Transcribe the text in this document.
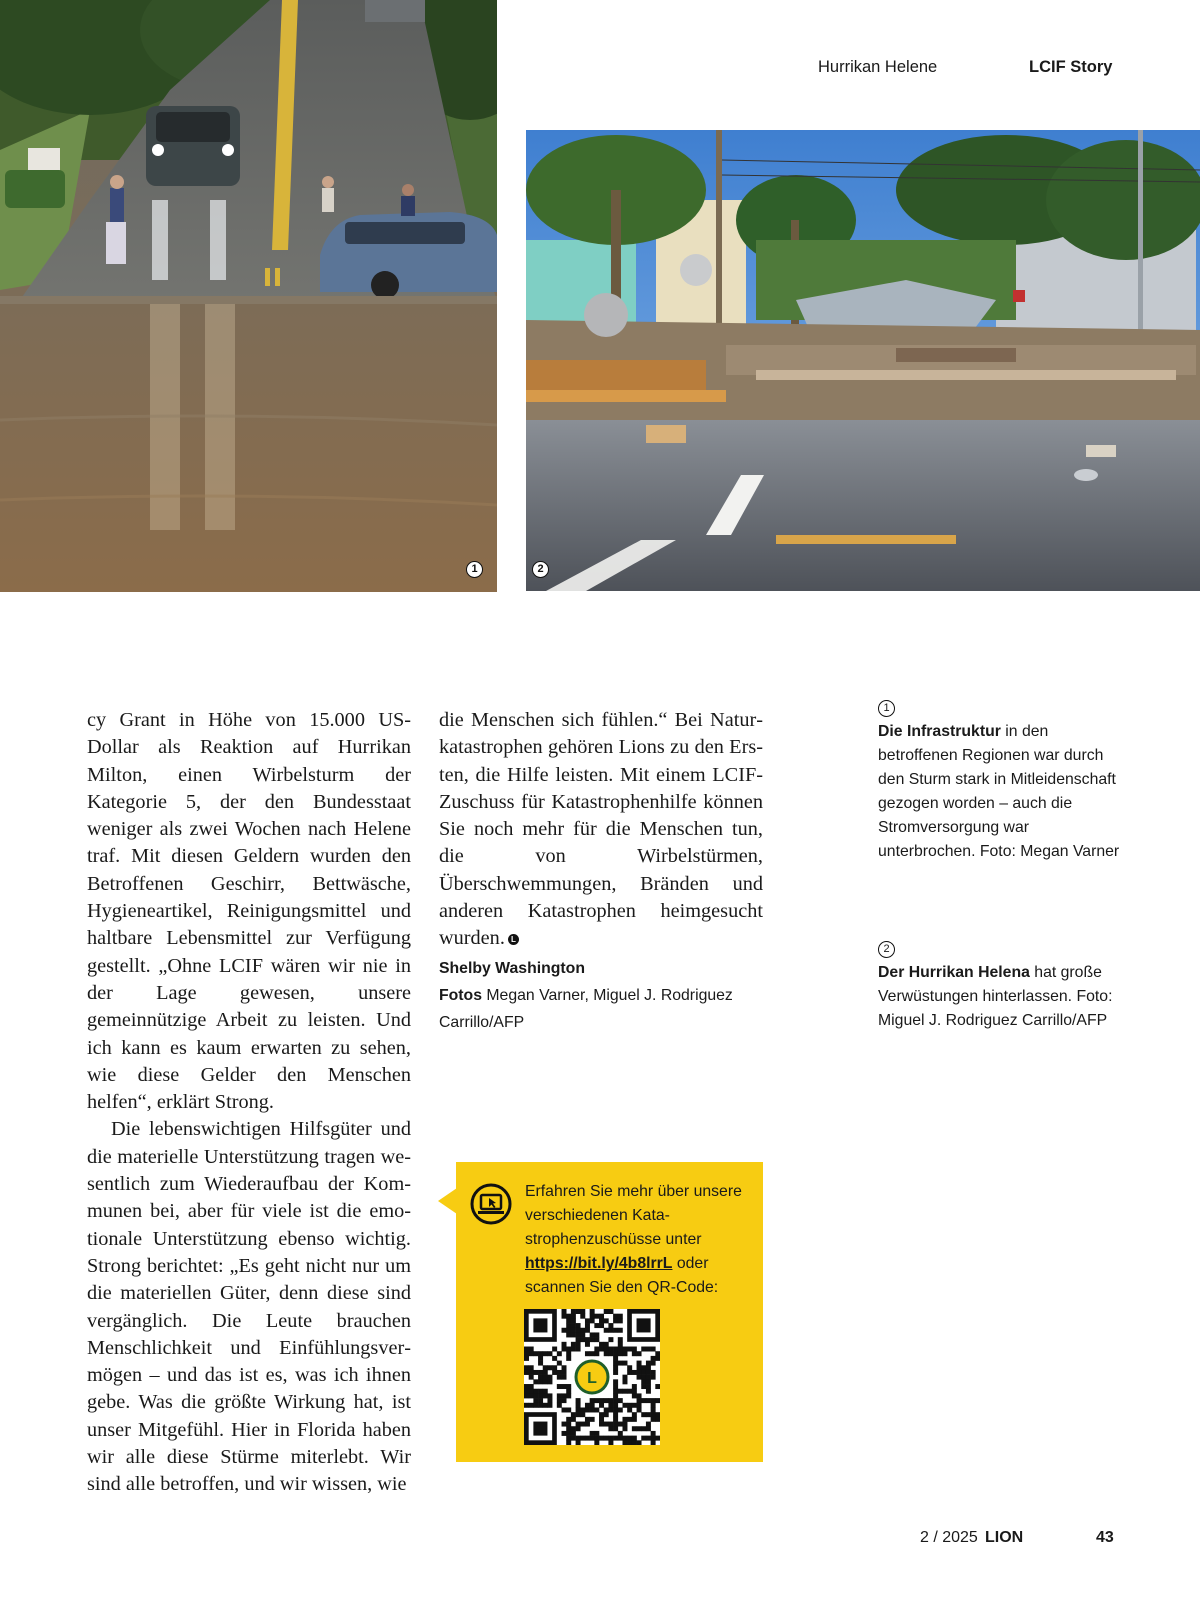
Hurrikan Helene	LCIF Story
1	2

cy Grant in Höhe von 15.000 US-Dollar als Reaktion auf Hurrikan Milton, einen Wirbelsturm der Kategorie 5, der den Bundesstaat weniger als zwei Wochen nach Helene traf. Mit diesen Geldern wurden den Betroffenen Geschirr, Bettwäsche, Hygieneartikel, Reinigungsmittel und haltbare Lebensmittel zur Verfügung gestellt. „Ohne LCIF wären wir nie in der Lage gewesen, unsere gemeinnützige Arbeit zu leisten. Und ich kann es kaum erwarten zu sehen, wie diese Gelder den Menschen helfen“, erklärt Strong.

Die lebenswichtigen Hilfsgüter und die materielle Unterstützung tragen wesentlich zum Wiederaufbau der Kommunen bei, aber für viele ist die emotionale Unterstützung ebenso wichtig. Strong berichtet: „Es geht nicht nur um die materiellen Güter, denn diese sind vergänglich. Die Leute brauchen Menschlichkeit und Einfühlungsvermögen – und das ist es, was ich ihnen gebe. Was die größte Wirkung hat, ist unser Mitgefühl. Hier in Florida haben wir alle diese Stürme miterlebt. Wir sind alle betroffen, und wir wissen, wie

die Menschen sich fühlen.“ Bei Naturkatastrophen gehören Lions zu den Ersten, die Hilfe leisten. Mit einem LCIF-Zuschuss für Katastrophenhilfe können Sie noch mehr für die Menschen tun, die von Wirbelstürmen, Überschwemmungen, Bränden und anderen Katastrophen heimgesucht wurden. L

Shelby Washington
Fotos Megan Varner, Miguel J. Rodriguez Carrillo/AFP
1
Die Infrastruktur in den betroffenen Regionen war durch den Sturm stark in Mitleidenschaft gezogen worden – auch die Stromversorgung war unterbrochen. Foto: Megan Varner
2
Der Hurrikan Helena hat große Verwüstungen hinterlassen. Foto: Miguel J. Rodriguez Carrillo/AFP
Erfahren Sie mehr über unsere verschiedenen Katastrophenzuschüsse unter https://bit.ly/4b8lrrL oder scannen Sie den QR-Code:
L
2 / 2025 LION	43
